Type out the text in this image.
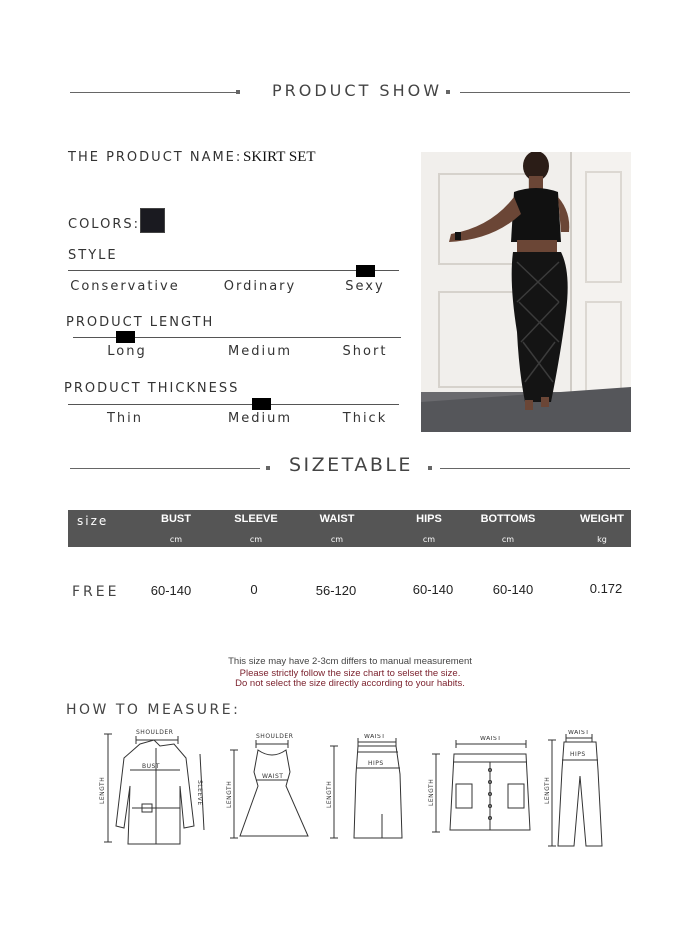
PRODUCT SHOW
THE PRODUCT NAME: SKIRT SET
COLORS:
STYLE
Conservative	Ordinary	Sexy
PRODUCT LENGTH
Long	Medium	Short
PRODUCT THICKNESS
Thin	Medium	Thick
SIZETABLE
size	BUST	SLEEVE	WAIST	HIPS	BOTTOMS	WEIGHT
cm	cm	cm	cm	cm	kg
FREE 60-140	0	56-120	60-140	60-140	0.172
This size may have 2-3cm differs to manual measurement
Please strictly follow the size chart to selset the size.
Do not select the size directly according to your habits.
HOW TO MEASURE:
SHOULDER
BUST
LENGTH	SLEEVE
SHOULDER
WAIST
LENGTH
WAIST
HIPS
LENGTH
WAIST
LENGTH
WAIST
HIPS
LENGTH
